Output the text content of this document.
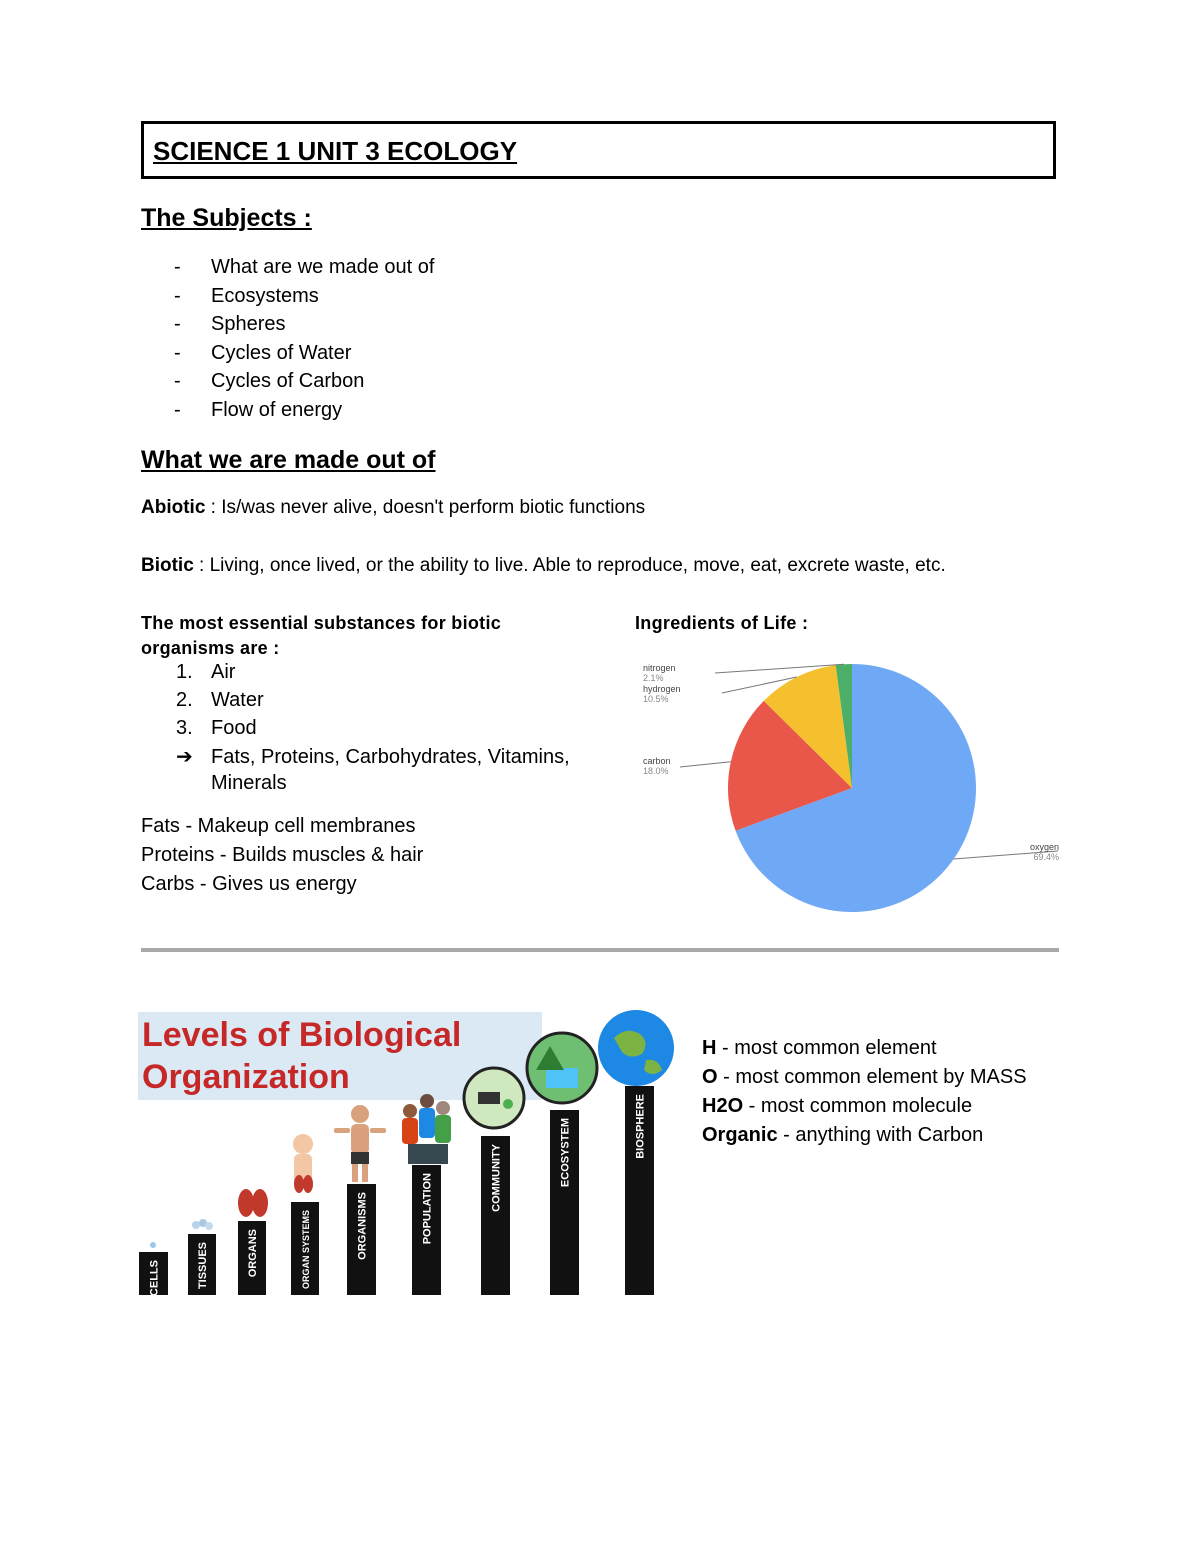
SCIENCE 1 UNIT 3 ECOLOGY
The Subjects :
- What are we made out of
- Ecosystems
- Spheres
- Cycles of Water
- Cycles of Carbon
- Flow of energy
What we are made out of
Abiotic : Is/was never alive, doesn't perform biotic functions
Biotic : Living, once lived, or the ability to live. Able to reproduce, move, eat, excrete waste, etc.
The most essential substances for biotic organisms are :
1. Air
2. Water
3. Food
➔ Fats, Proteins, Carbohydrates, Vitamins, Minerals
Fats - Makeup cell membranes
Proteins - Builds muscles & hair
Carbs - Gives us energy
Ingredients of Life :
nitrogen
2.1%
hydrogen
10.5%
carbon
18.0%
oxygen
69.4%
Levels of Biological
Organization
CELLS	TISSUES	ORGANS	ORGAN SYSTEMS	ORGANISMS	POPULATION	COMMUNITY	ECOSYSTEM	BIOSPHERE
H - most common element
O - most common element by MASS
H2O - most common molecule
Organic - anything with Carbon
